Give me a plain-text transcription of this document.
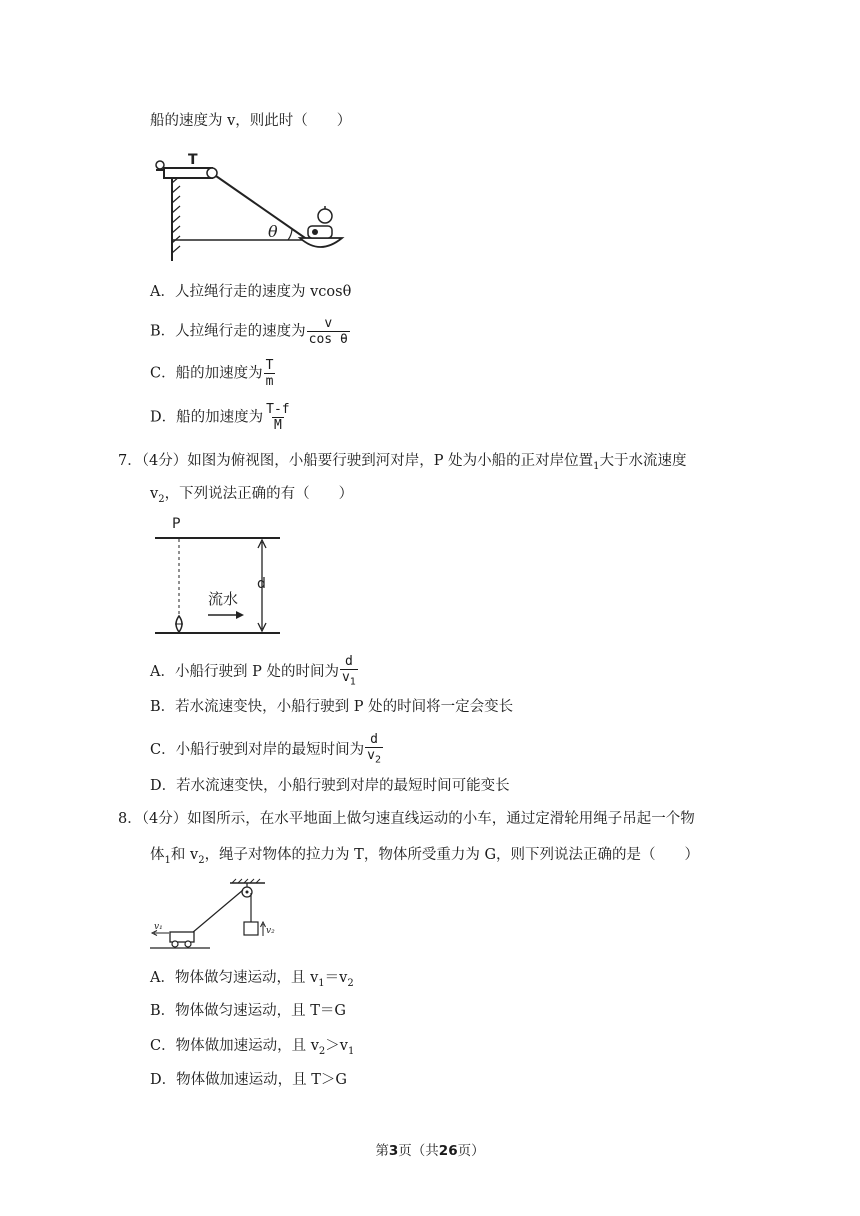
船的速度为 v，则此时（　　）
T
θ
A．人拉绳行走的速度为 vcosθ
B．人拉绳行走的速度为 $\frac{v}{\text{cos θ}}$
C．船的加速度为 $\frac{T}{m}$
D．船的加速度为 $\frac{T-f}{M}$
7．（4分）如图为俯视图，小船要行驶到河对岸，P 处为小船的正对岸位置$_1$大于水流速度
$v_2$，下列说法正确的有（　　）
P
d
流水
A．小船行驶到 P 处的时间为 $\frac{d}{v_1}$
B．若水流速变快，小船行驶到 P 处的时间将一定会变长
C．小船行驶到对岸的最短时间为 $\frac{d}{v_2}$
D．若水流速变快，小船行驶到对岸的最短时间可能变长
8．（4分）如图所示，在水平地面上做匀速直线运动的小车，通过定滑轮用绳子吊起一个物
体$_1$和 $v_2$，绳子对物体的拉力为 T，物体所受重力为 G，则下列说法正确的是（　　）
v₂
v₁
A．物体做匀速运动，且 $v_1=v_2$
B．物体做匀速运动，且 T＝G
C．物体做加速运动，且 $v_2>v_1$
D．物体做加速运动，且 T＞G
第3页（共26页）
